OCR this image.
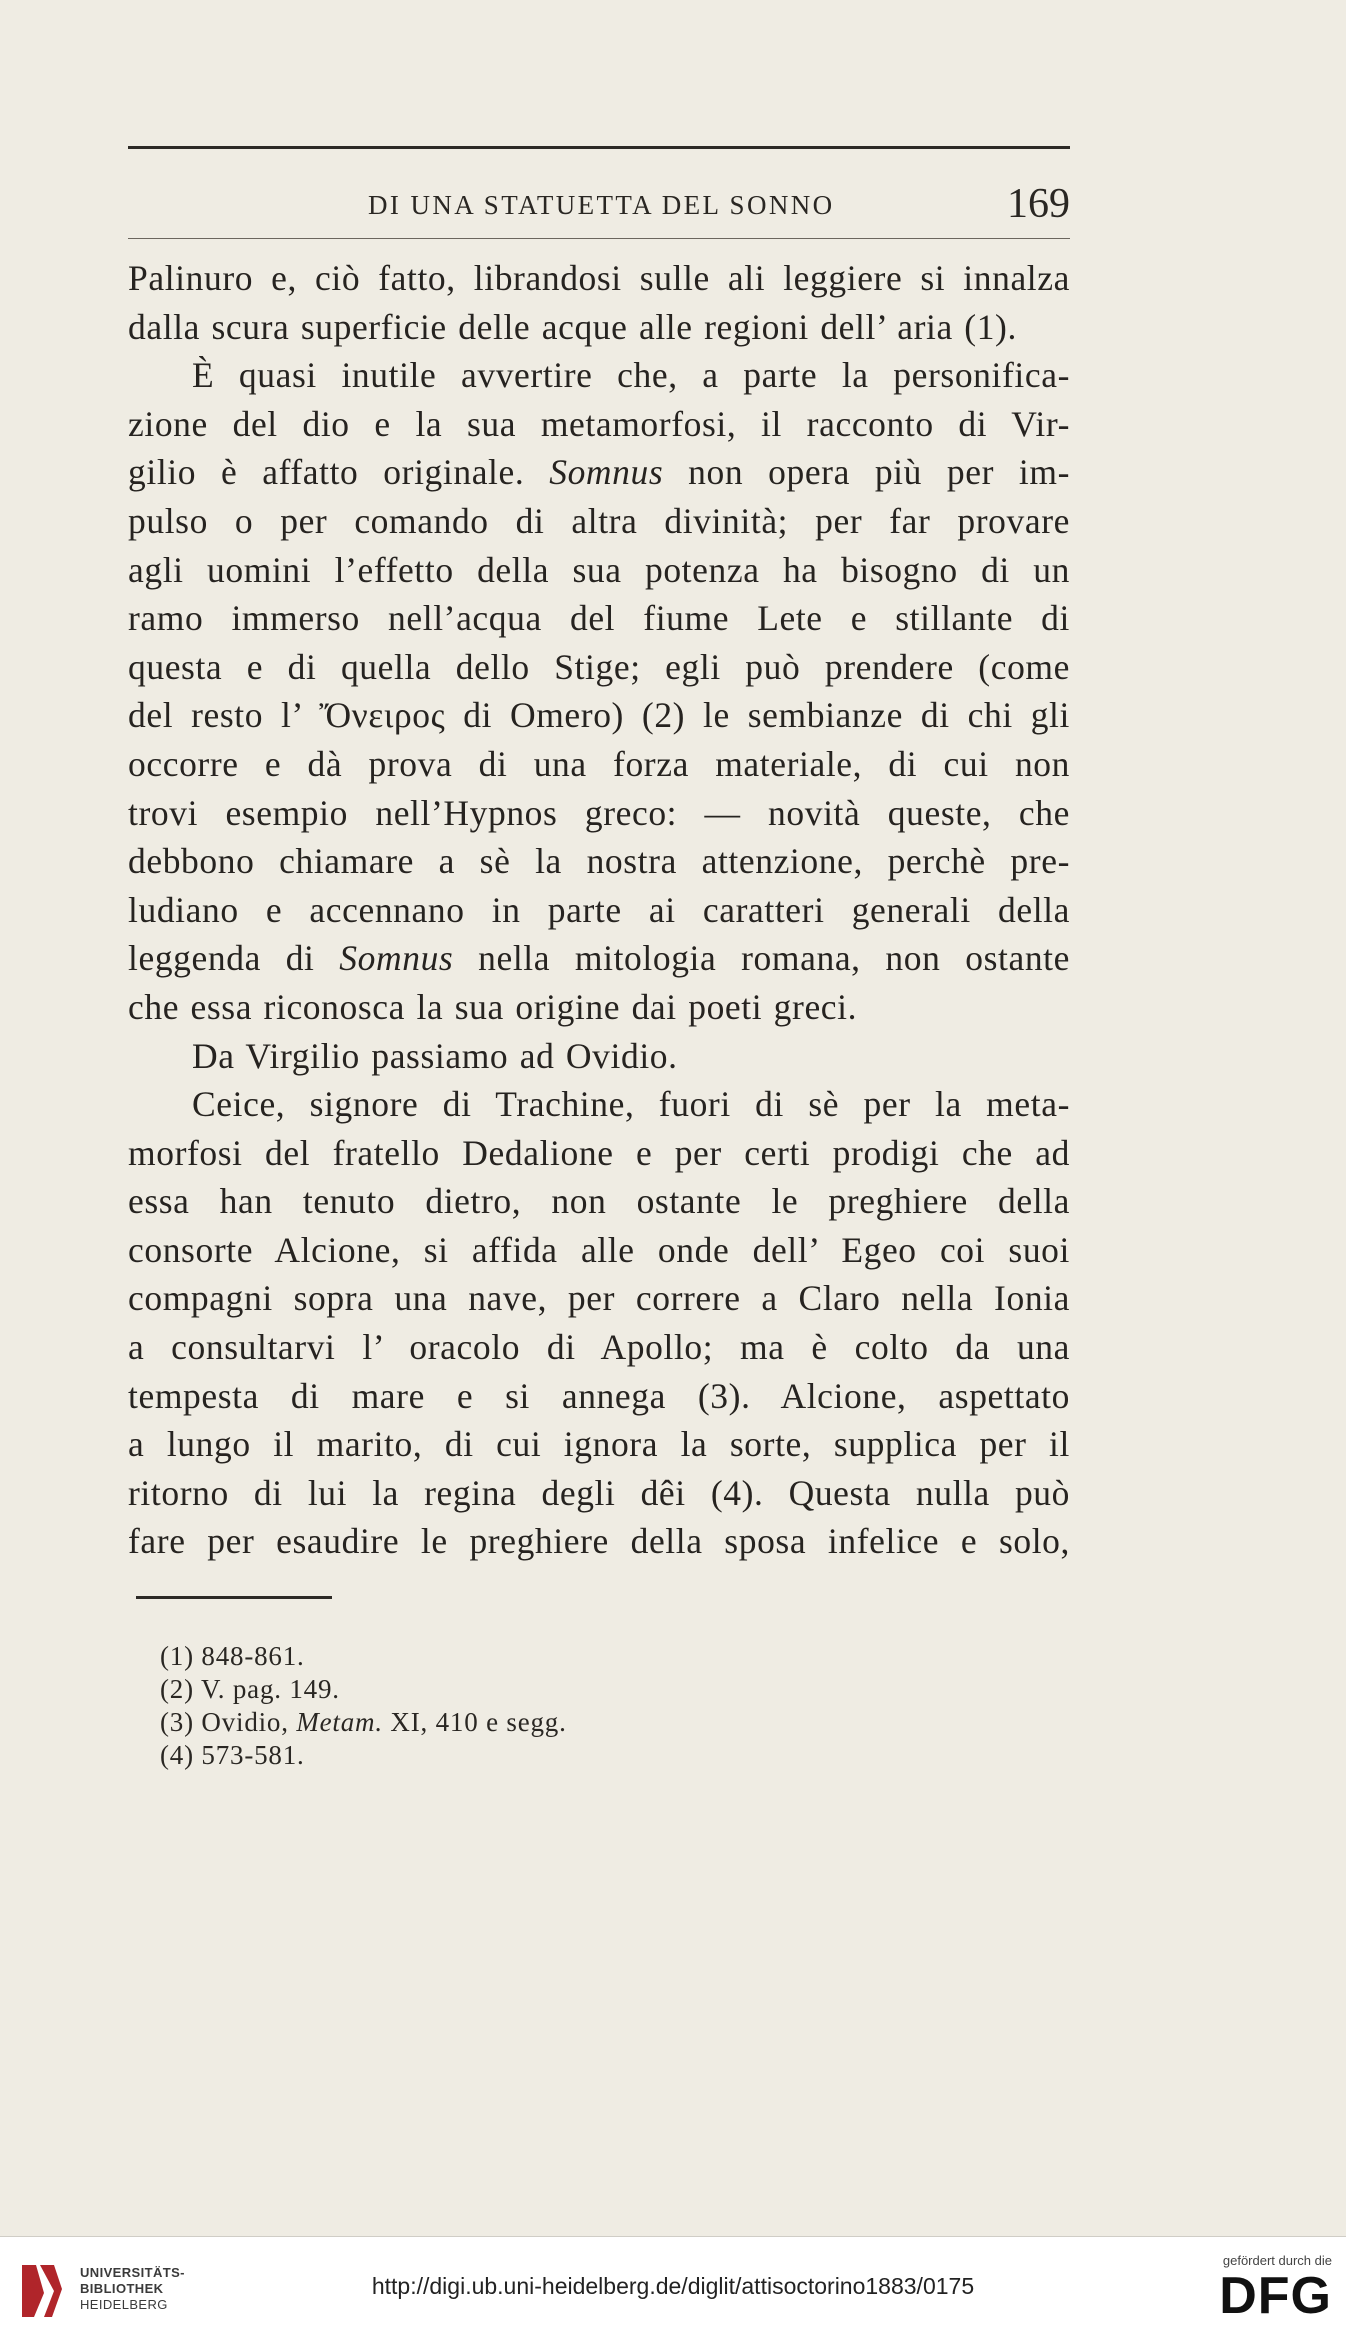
DI UNA STATUETTA DEL SONNO	169
Palinuro e, ciò fatto, librandosi sulle ali leggiere si innalza
dalla scura superficie delle acque alle regioni dell’ aria (1).
È quasi inutile avvertire che, a parte la personifica-
zione del dio e la sua metamorfosi, il racconto di Vir-
gilio è affatto originale. Somnus non opera più per im-
pulso o per comando di altra divinità; per far provare
agli uomini l’effetto della sua potenza ha bisogno di un
ramo immerso nell’acqua del fiume Lete e stillante di
questa e di quella dello Stige; egli può prendere (come
del resto l’ Ὄνειρος di Omero) (2) le sembianze di chi gli
occorre e dà prova di una forza materiale, di cui non
trovi esempio nell’Hypnos greco: — novità queste, che
debbono chiamare a sè la nostra attenzione, perchè pre-
ludiano e accennano in parte ai caratteri generali della
leggenda di Somnus nella mitologia romana, non ostante
che essa riconosca la sua origine dai poeti greci.
Da Virgilio passiamo ad Ovidio.
Ceice, signore di Trachine, fuori di sè per la meta-
morfosi del fratello Dedalione e per certi prodigi che ad
essa han tenuto dietro, non ostante le preghiere della
consorte Alcione, si affida alle onde dell’ Egeo coi suoi
compagni sopra una nave, per correre a Claro nella Ionia
a consultarvi l’ oracolo di Apollo; ma è colto da una
tempesta di mare e si annega (3). Alcione, aspettato
a lungo il marito, di cui ignora la sorte, supplica per il
ritorno di lui la regina degli dêi (4). Questa nulla può
fare per esaudire le preghiere della sposa infelice e solo,
(1) 848-861.
(2) V. pag. 149.
(3) Ovidio, Metam. XI, 410 e segg.
(4) 573-581.
UNIVERSITÄTS-
BIBLIOTHEK
HEIDELBERG
http://digi.ub.uni-heidelberg.de/diglit/attisoctorino1883/0175
gefördert durch die
DFG
